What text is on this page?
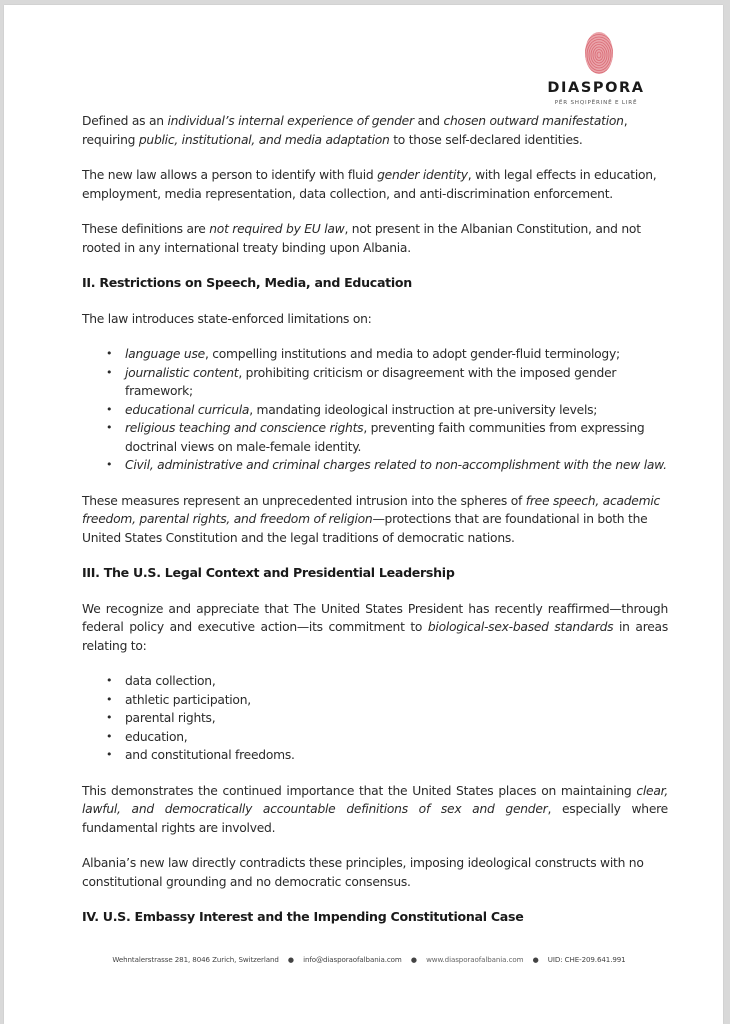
DIASPORA
PËR SHQIPËRINË E LIRË

Defined as an individual’s internal experience of gender and chosen outward manifestation, requiring public, institutional, and media adaptation to those self-declared identities.

The new law allows a person to identify with fluid gender identity, with legal effects in education, employment, media representation, data collection, and anti-discrimination enforcement.

These definitions are not required by EU law, not present in the Albanian Constitution, and not rooted in any international treaty binding upon Albania.

II. Restrictions on Speech, Media, and Education

The law introduces state-enforced limitations on:

• language use, compelling institutions and media to adopt gender-fluid terminology;
• journalistic content, prohibiting criticism or disagreement with the imposed gender framework;
• educational curricula, mandating ideological instruction at pre-university levels;
• religious teaching and conscience rights, preventing faith communities from expressing doctrinal views on male-female identity.
• Civil, administrative and criminal charges related to non-accomplishment with the new law.

These measures represent an unprecedented intrusion into the spheres of free speech, academic freedom, parental rights, and freedom of religion—protections that are foundational in both the United States Constitution and the legal traditions of democratic nations.

III. The U.S. Legal Context and Presidential Leadership

We recognize and appreciate that The United States President has recently reaffirmed—through federal policy and executive action—its commitment to biological-sex-based standards in areas relating to:

• data collection,
• athletic participation,
• parental rights,
• education,
• and constitutional freedoms.

This demonstrates the continued importance that the United States places on maintaining clear, lawful, and democratically accountable definitions of sex and gender, especially where fundamental rights are involved.

Albania’s new law directly contradicts these principles, imposing ideological constructs with no constitutional grounding and no democratic consensus.

IV. U.S. Embassy Interest and the Impending Constitutional Case
Wehntalerstrasse 281, 8046 Zurich, Switzerland ● info@diasporaofalbania.com ● www.diasporaofalbania.com ● UID: CHE-209.641.991
